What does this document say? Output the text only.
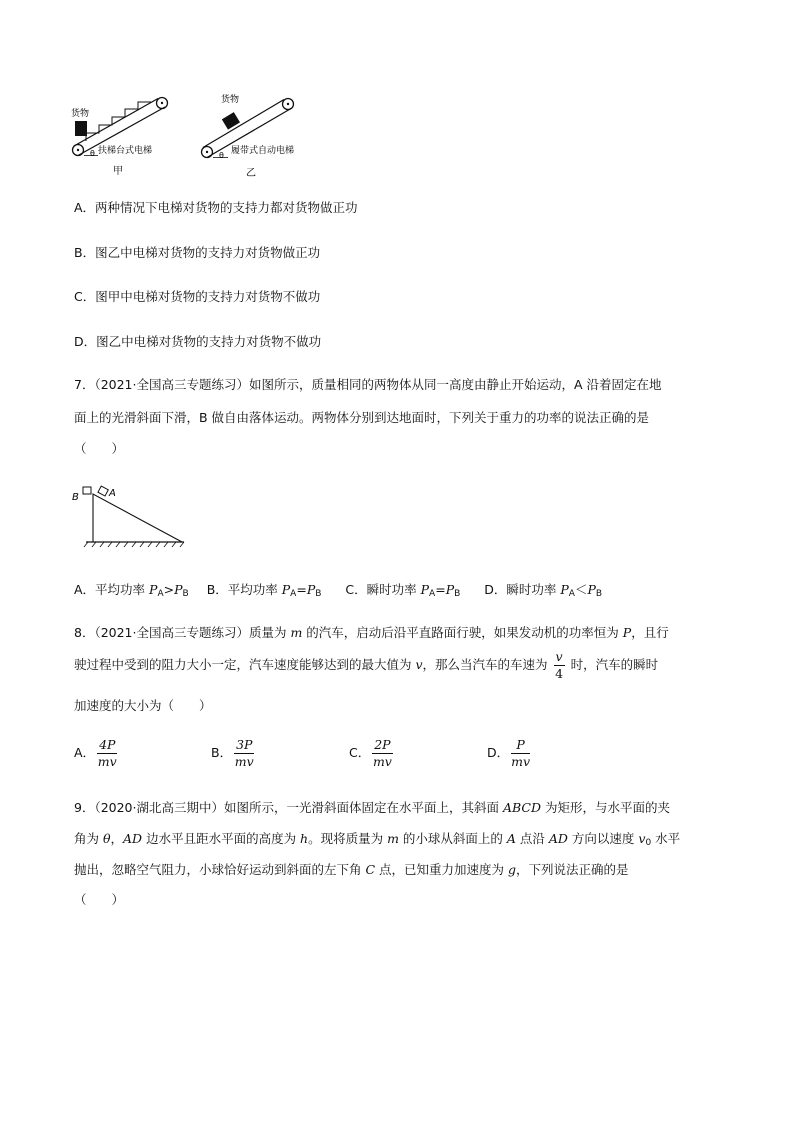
货物
θ 扶梯台式电梯
甲
货物
θ 履带式自动电梯
乙
A．两种情况下电梯对货物的支持力都对货物做正功
B．图乙中电梯对货物的支持力对货物做正功
C．图甲中电梯对货物的支持力对货物不做功
D．图乙中电梯对货物的支持力对货物不做功
7．（2021·全国高三专题练习）如图所示，质量相同的两物体从同一高度由静止开始运动，A 沿着固定在地
面上的光滑斜面下滑，B 做自由落体运动。两物体分别到达地面时，下列关于重力的功率的说法正确的是
（　　）
B	A
A．平均功率 $P_A>P_B$ B．平均功率 $P_A=P_B$ C．瞬时功率 $P_A=P_B$ D．瞬时功率 $P_A<P_B$
8．（2021·全国高三专题练习）质量为 m 的汽车，启动后沿平直路面行驶，如果发动机的功率恒为 P，且行
驶过程中受到的阻力大小一定，汽车速度能够达到的最大值为 v，那么当汽车的车速为 $\frac{v}{4}$ 时，汽车的瞬时
加速度的大小为（　　）
A． $\frac{4P}{mv}$	B． $\frac{3P}{mv}$	C． $\frac{2P}{mv}$	D． $\frac{P}{mv}$
9．（2020·湖北高三期中）如图所示，一光滑斜面体固定在水平面上，其斜面 ABCD 为矩形，与水平面的夹
角为 θ，AD 边水平且距水平面的高度为 h。现将质量为 m 的小球从斜面上的 A 点沿 AD 方向以速度 $v_0$ 水平
抛出，忽略空气阻力，小球恰好运动到斜面的左下角 C 点，已知重力加速度为 g，下列说法正确的是
（　　）
